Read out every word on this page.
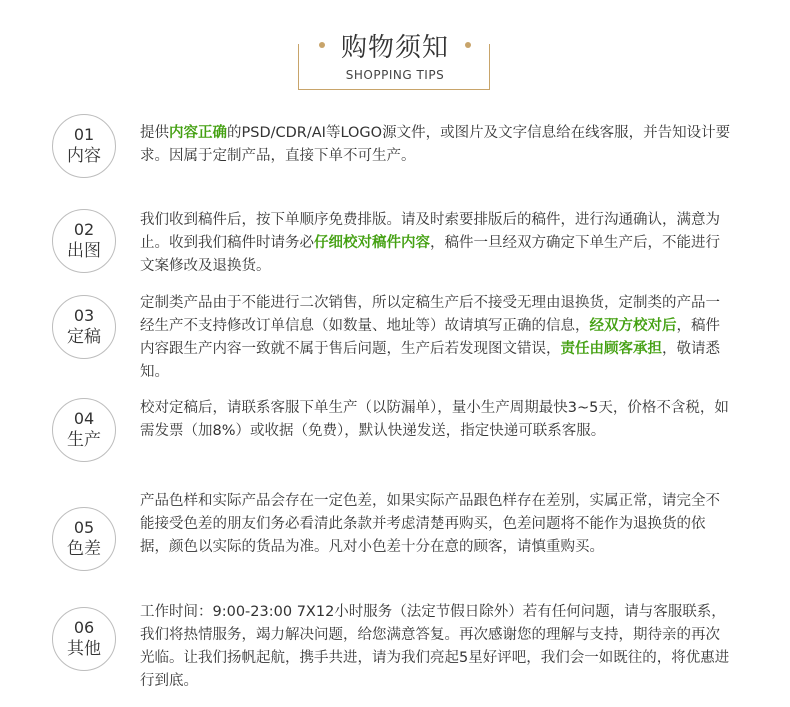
购物须知
SHOPPING TIPS
01
内容
提供内容正确的PSD/CDR/AI等LOGO源文件，或图片及文字信息给在线客服，并告知设计要求。因属于定制产品，直接下单不可生产。
02
出图
我们收到稿件后，按下单顺序免费排版。请及时索要排版后的稿件，进行沟通确认，满意为止。收到我们稿件时请务必仔细校对稿件内容，稿件一旦经双方确定下单生产后，不能进行文案修改及退换货。
03
定稿
定制类产品由于不能进行二次销售，所以定稿生产后不接受无理由退换货，定制类的产品一经生产不支持修改订单信息（如数量、地址等）故请填写正确的信息，经双方校对后，稿件内容跟生产内容一致就不属于售后问题，生产后若发现图文错误，责任由顾客承担，敬请悉知。
04
生产
校对定稿后，请联系客服下单生产（以防漏单），量小生产周期最快3~5天，价格不含税，如需发票（加8%）或收据（免费），默认快递发送，指定快递可联系客服。
05
色差
产品色样和实际产品会存在一定色差，如果实际产品跟色样存在差别，实属正常，请完全不能接受色差的朋友们务必看清此条款并考虑清楚再购买，色差问题将不能作为退换货的依据，颜色以实际的货品为准。凡对小色差十分在意的顾客，请慎重购买。
06
其他
工作时间：9:00-23:00 7X12小时服务（法定节假日除外）若有任何问题，请与客服联系，我们将热情服务，竭力解决问题，给您满意答复。再次感谢您的理解与支持，期待亲的再次光临。让我们扬帆起航，携手共进，请为我们亮起5星好评吧，我们会一如既往的，将优惠进行到底。
